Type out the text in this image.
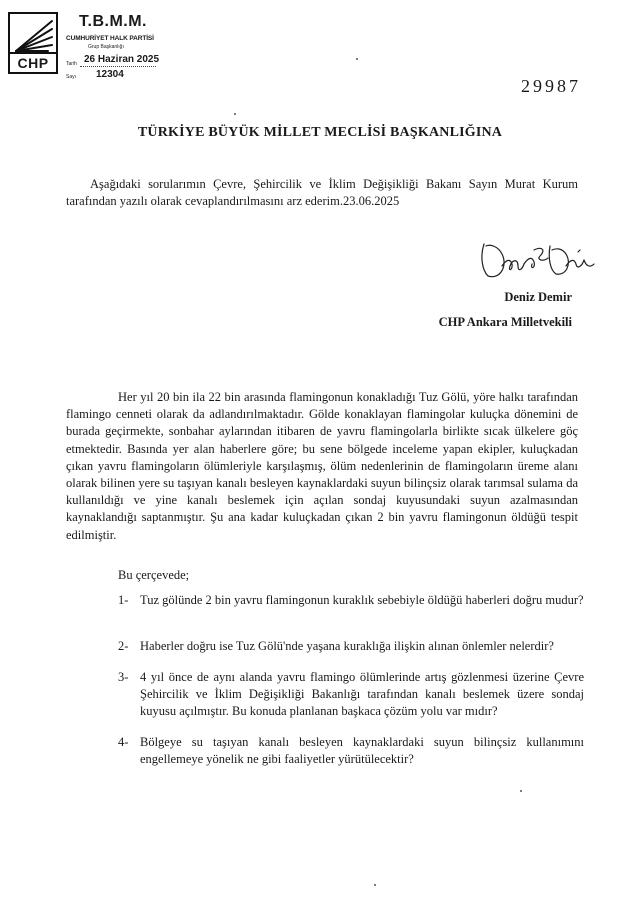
CHP
T.B.M.M.
CUMHURİYET HALK PARTİSİ
Grup Başkanlığı
Tarih 26 Haziran 2025
Sayı 12304
29987
TÜRKİYE BÜYÜK MİLLET MECLİSİ BAŞKANLIĞINA
Aşağıdaki sorularımın Çevre, Şehircilik ve İklim Değişikliği Bakanı Sayın Murat Kurum tarafından yazılı olarak cevaplandırılmasını arz ederim.23.06.2025
Deniz Demir
CHP Ankara Milletvekili
Her yıl 20 bin ila 22 bin arasında flamingonun konakladığı Tuz Gölü, yöre halkı tarafından flamingo cenneti olarak da adlandırılmaktadır. Gölde konaklayan flamingolar kuluçka dönemini de burada geçirmekte, sonbahar aylarından itibaren de yavru flamingolarla birlikte sıcak ülkelere göç etmektedir. Basında yer alan haberlere göre; bu sene bölgede inceleme yapan ekipler, kuluçkadan çıkan yavru flamingoların ölümleriyle karşılaşmış, ölüm nedenlerinin de flamingoların üreme alanı olarak bilinen yere su taşıyan kanalı besleyen kaynaklardaki suyun bilinçsiz olarak tarımsal sulama da kullanıldığı ve yine kanalı beslemek için açılan sondaj kuyusundaki suyun azalmasından kaynaklandığı saptanmıştır. Şu ana kadar kuluçkadan çıkan 2 bin yavru flamingonun öldüğü tespit edilmiştir.
Bu çerçevede;
1- Tuz gölünde 2 bin yavru flamingonun kuraklık sebebiyle öldüğü haberleri doğru mudur?
2- Haberler doğru ise Tuz Gölü'nde yaşana kuraklığa ilişkin alınan önlemler nelerdir?
3- 4 yıl önce de aynı alanda yavru flamingo ölümlerinde artış gözlenmesi üzerine Çevre Şehircilik ve İklim Değişikliği Bakanlığı tarafından kanalı beslemek üzere sondaj kuyusu açılmıştır. Bu konuda planlanan başkaca çözüm yolu var mıdır?
4- Bölgeye su taşıyan kanalı besleyen kaynaklardaki suyun bilinçsiz kullanımını engellemeye yönelik ne gibi faaliyetler yürütülecektir?
